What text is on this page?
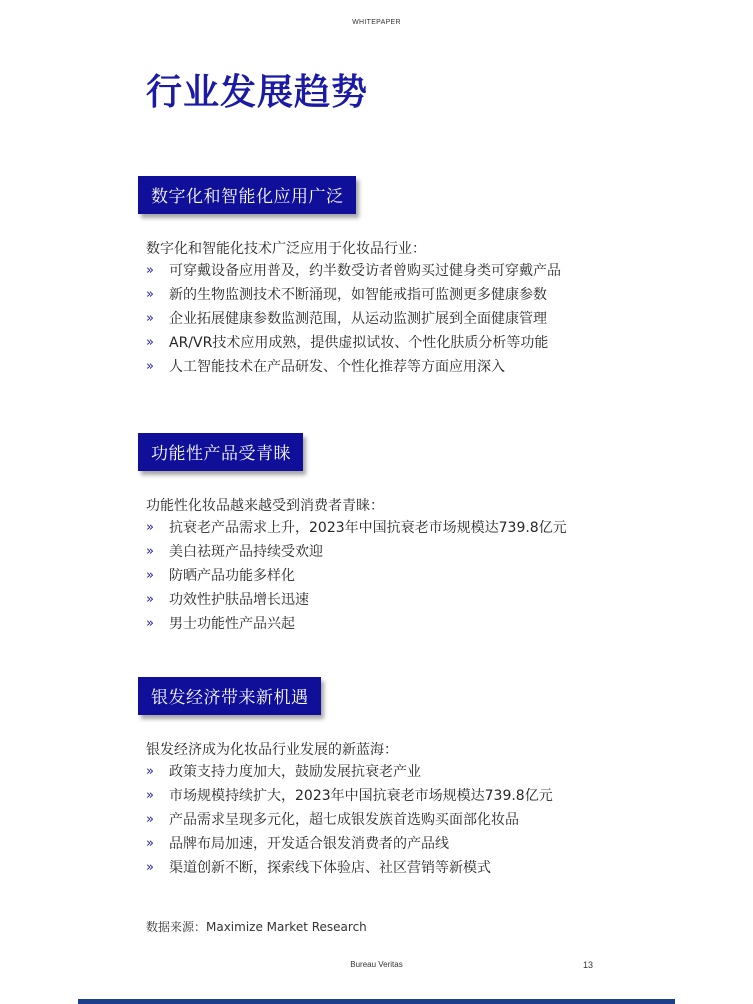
WHITEPAPER
行业发展趋势
数字化和智能化应用广泛
数字化和智能化技术广泛应用于化妆品行业：
» 可穿戴设备应用普及，约半数受访者曾购买过健身类可穿戴产品
» 新的生物监测技术不断涌现，如智能戒指可监测更多健康参数
» 企业拓展健康参数监测范围，从运动监测扩展到全面健康管理
» AR/VR技术应用成熟，提供虚拟试妆、个性化肤质分析等功能
» 人工智能技术在产品研发、个性化推荐等方面应用深入
功能性产品受青睐
功能性化妆品越来越受到消费者青睐：
» 抗衰老产品需求上升，2023年中国抗衰老市场规模达739.8亿元
» 美白祛斑产品持续受欢迎
» 防晒产品功能多样化
» 功效性护肤品增长迅速
» 男士功能性产品兴起
银发经济带来新机遇
银发经济成为化妆品行业发展的新蓝海：
» 政策支持力度加大，鼓励发展抗衰老产业
» 市场规模持续扩大，2023年中国抗衰老市场规模达739.8亿元
» 产品需求呈现多元化，超七成银发族首选购买面部化妆品
» 品牌布局加速，开发适合银发消费者的产品线
» 渠道创新不断，探索线下体验店、社区营销等新模式
数据来源：Maximize Market Research
Bureau Veritas	13
